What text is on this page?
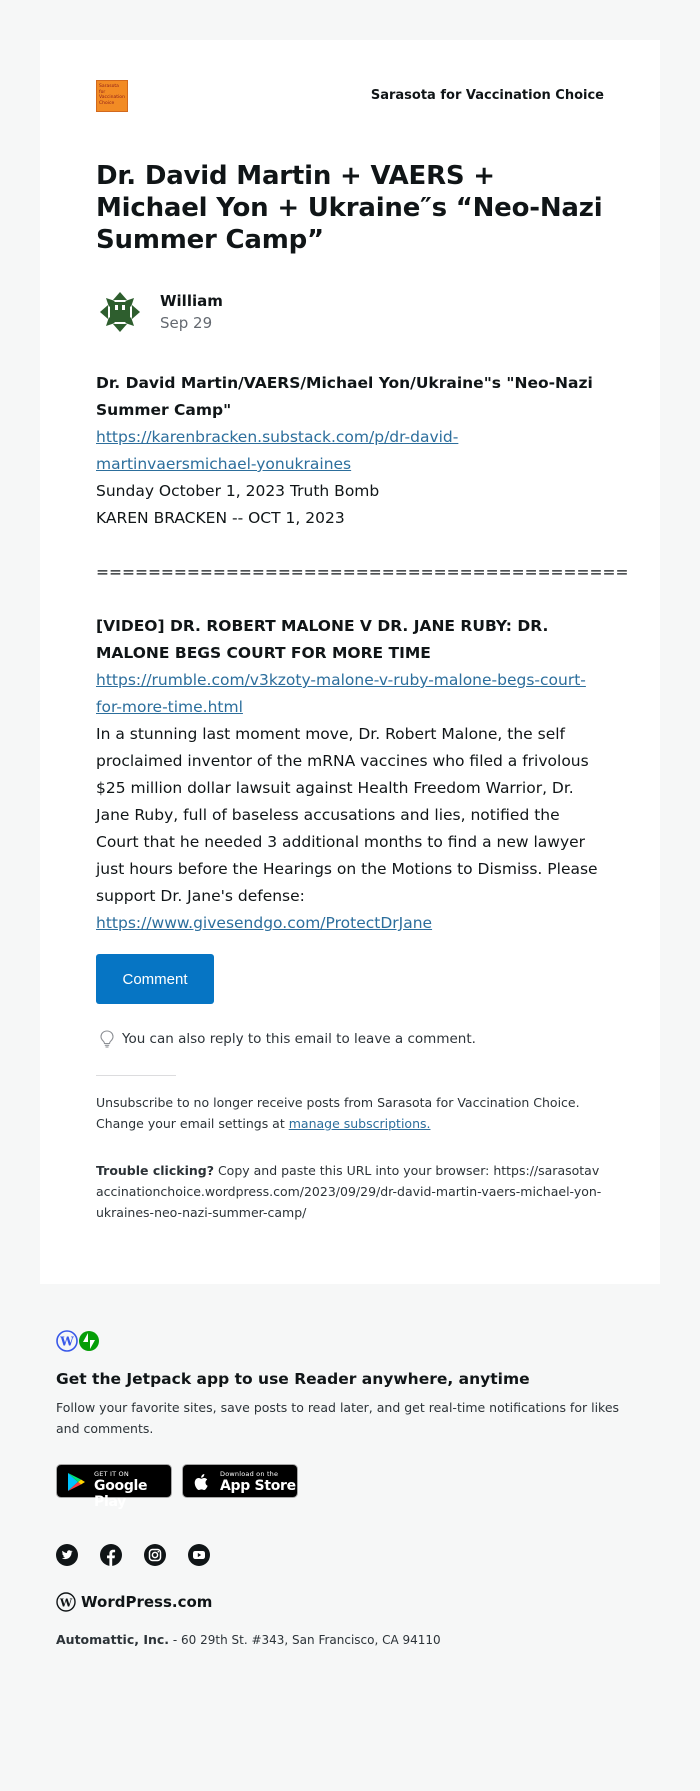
Sarasota for Vaccination Choice	Sarasota for Vaccination Choice
Dr. David Martin + VAERS + Michael Yon + Ukraine″s “Neo-Nazi Summer Camp”
William
Sep 29

Dr. David Martin/VAERS/Michael Yon/Ukraine"s "Neo-Nazi Summer Camp"

https://karenbracken.substack.com/p/dr-david-martinvaersmichael-yonukraines

Sunday October 1, 2023 Truth Bomb

KAREN BRACKEN -- OCT 1, 2023

=========================================

[VIDEO] DR. ROBERT MALONE V DR. JANE RUBY: DR. MALONE BEGS COURT FOR MORE TIME

https://rumble.com/v3kzoty-malone-v-ruby-malone-begs-court-for-more-time.html

In a stunning last moment move, Dr. Robert Malone, the self proclaimed inventor of the mRNA vaccines who filed a frivolous $25 million dollar lawsuit against Health Freedom Warrior, Dr. Jane Ruby, full of baseless accusations and lies, notified the Court that he needed 3 additional months to find a new lawyer just hours before the Hearings on the Motions to Dismiss. Please support Dr. Jane's defense:

https://www.givesendgo.com/ProtectDrJane

Comment
You can also reply to this email to leave a comment.
Unsubscribe to no longer receive posts from Sarasota for Vaccination Choice.
Change your email settings at manage subscriptions.
Trouble clicking? Copy and paste this URL into your browser: https://sarasotavaccinationchoice.wordpress.com/2023/09/29/dr-david-martin-vaers-michael-yon-ukraines-neo-nazi-summer-camp/
W
Get the Jetpack app to use Reader anywhere, anytime
Follow your favorite sites, save posts to read later, and get real-time notifications for likes and comments.
GET IT ON
Google Play
Download on the
App Store
W WordPress.com
Automattic, Inc. - 60 29th St. #343, San Francisco, CA 94110
